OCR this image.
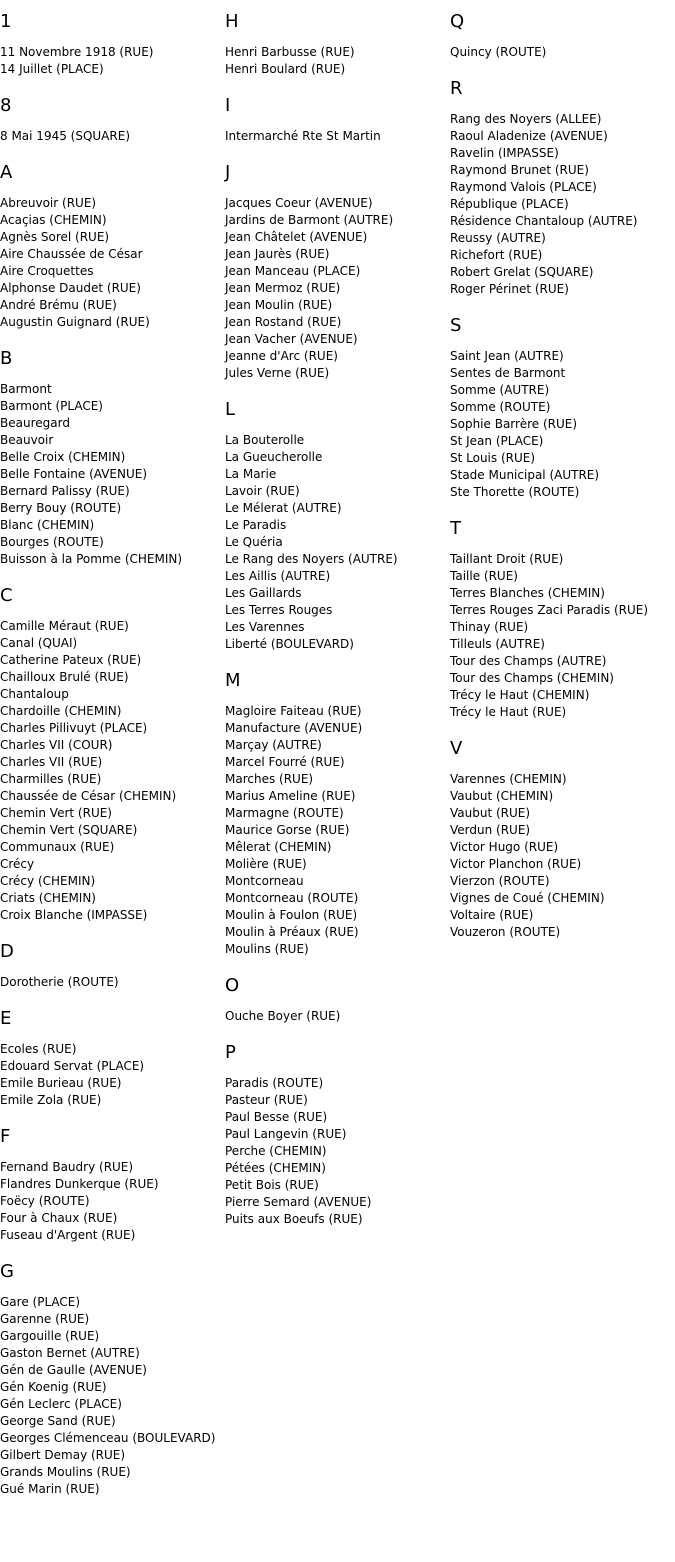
1
11 Novembre 1918 (RUE)
14 Juillet (PLACE)
8
8 Mai 1945 (SQUARE)
A
Abreuvoir (RUE)
Acaçias (CHEMIN)
Agnès Sorel (RUE)
Aire Chaussée de César
Aire Croquettes
Alphonse Daudet (RUE)
André Brému (RUE)
Augustin Guignard (RUE)
B
Barmont
Barmont (PLACE)
Beauregard
Beauvoir
Belle Croix (CHEMIN)
Belle Fontaine (AVENUE)
Bernard Palissy (RUE)
Berry Bouy (ROUTE)
Blanc (CHEMIN)
Bourges (ROUTE)
Buisson à la Pomme (CHEMIN)
C
Camille Méraut (RUE)
Canal (QUAI)
Catherine Pateux (RUE)
Chailloux Brulé (RUE)
Chantaloup
Chardoille (CHEMIN)
Charles Pillivuyt (PLACE)
Charles VII (COUR)
Charles VII (RUE)
Charmilles (RUE)
Chaussée de César (CHEMIN)
Chemin Vert (RUE)
Chemin Vert (SQUARE)
Communaux (RUE)
Crécy
Crécy (CHEMIN)
Criats (CHEMIN)
Croix Blanche (IMPASSE)
D
Dorotherie (ROUTE)
E
Ecoles (RUE)
Edouard Servat (PLACE)
Emile Burieau (RUE)
Emile Zola (RUE)
F
Fernand Baudry (RUE)
Flandres Dunkerque (RUE)
Foëcy (ROUTE)
Four à Chaux (RUE)
Fuseau d'Argent (RUE)
G
Gare (PLACE)
Garenne (RUE)
Gargouille (RUE)
Gaston Bernet (AUTRE)
Gén de Gaulle (AVENUE)
Gén Koenig (RUE)
Gén Leclerc (PLACE)
George Sand (RUE)
Georges Clémenceau (BOULEVARD)
Gilbert Demay (RUE)
Grands Moulins (RUE)
Gué Marin (RUE)
H
Henri Barbusse (RUE)
Henri Boulard (RUE)
I
Intermarché Rte St Martin
J
Jacques Coeur (AVENUE)
Jardins de Barmont (AUTRE)
Jean Châtelet (AVENUE)
Jean Jaurès (RUE)
Jean Manceau (PLACE)
Jean Mermoz (RUE)
Jean Moulin (RUE)
Jean Rostand (RUE)
Jean Vacher (AVENUE)
Jeanne d'Arc (RUE)
Jules Verne (RUE)
L
La Bouterolle
La Gueucherolle
La Marie
Lavoir (RUE)
Le Mélerat (AUTRE)
Le Paradis
Le Quéria
Le Rang des Noyers (AUTRE)
Les Aillis (AUTRE)
Les Gaillards
Les Terres Rouges
Les Varennes
Liberté (BOULEVARD)
M
Magloire Faiteau (RUE)
Manufacture (AVENUE)
Marçay (AUTRE)
Marcel Fourré (RUE)
Marches (RUE)
Marius Ameline (RUE)
Marmagne (ROUTE)
Maurice Gorse (RUE)
Mêlerat (CHEMIN)
Molière (RUE)
Montcorneau
Montcorneau (ROUTE)
Moulin à Foulon (RUE)
Moulin à Préaux (RUE)
Moulins (RUE)
O
Ouche Boyer (RUE)
P
Paradis (ROUTE)
Pasteur (RUE)
Paul Besse (RUE)
Paul Langevin (RUE)
Perche (CHEMIN)
Pétées (CHEMIN)
Petit Bois (RUE)
Pierre Semard (AVENUE)
Puits aux Boeufs (RUE)
Q
Quincy (ROUTE)
R
Rang des Noyers (ALLEE)
Raoul Aladenize (AVENUE)
Ravelin (IMPASSE)
Raymond Brunet (RUE)
Raymond Valois (PLACE)
République (PLACE)
Résidence Chantaloup (AUTRE)
Reussy (AUTRE)
Richefort (RUE)
Robert Grelat (SQUARE)
Roger Périnet (RUE)
S
Saint Jean (AUTRE)
Sentes de Barmont
Somme (AUTRE)
Somme (ROUTE)
Sophie Barrère (RUE)
St Jean (PLACE)
St Louis (RUE)
Stade Municipal (AUTRE)
Ste Thorette (ROUTE)
T
Taillant Droit (RUE)
Taille (RUE)
Terres Blanches (CHEMIN)
Terres Rouges Zaci Paradis (RUE)
Thinay (RUE)
Tilleuls (AUTRE)
Tour des Champs (AUTRE)
Tour des Champs (CHEMIN)
Trécy le Haut (CHEMIN)
Trécy le Haut (RUE)
V
Varennes (CHEMIN)
Vaubut (CHEMIN)
Vaubut (RUE)
Verdun (RUE)
Victor Hugo (RUE)
Victor Planchon (RUE)
Vierzon (ROUTE)
Vignes de Coué (CHEMIN)
Voltaire (RUE)
Vouzeron (ROUTE)
